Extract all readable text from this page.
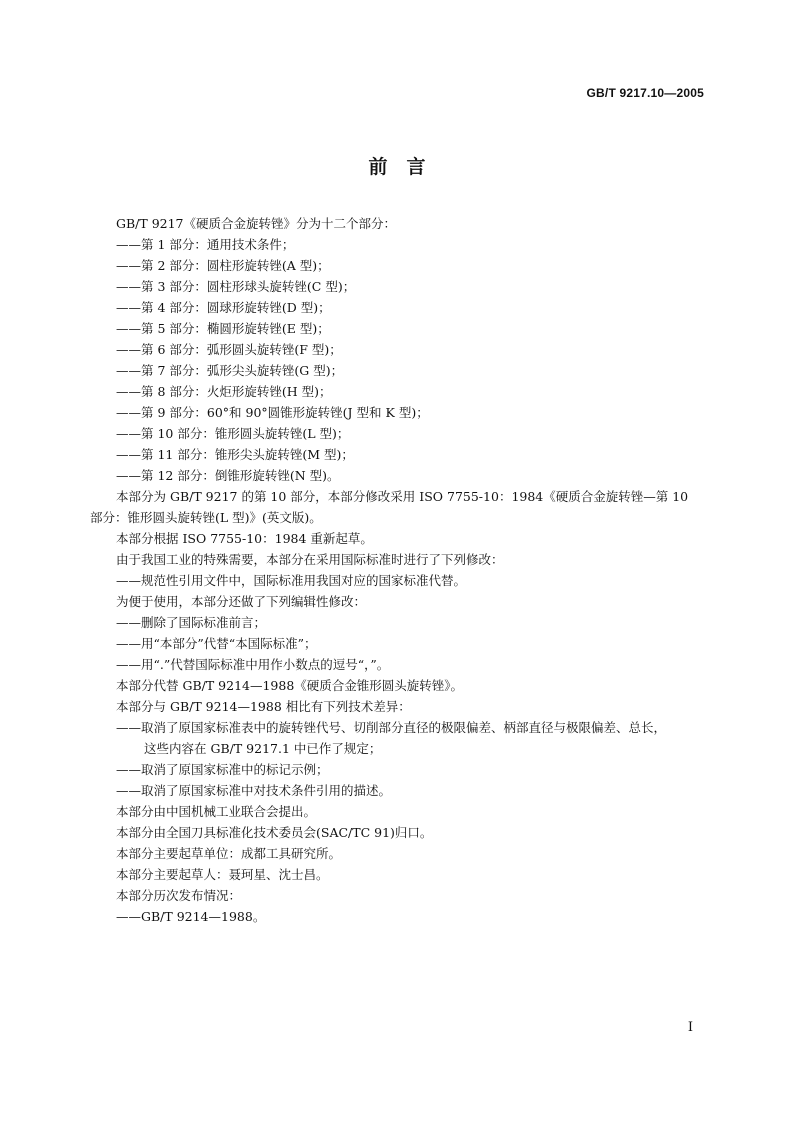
GB/T 9217.10—2005
前　言
GB/T 9217《硬质合金旋转锉》分为十二个部分：
——第 1 部分：通用技术条件；
——第 2 部分：圆柱形旋转锉(A 型)；
——第 3 部分：圆柱形球头旋转锉(C 型)；
——第 4 部分：圆球形旋转锉(D 型)；
——第 5 部分：椭圆形旋转锉(E 型)；
——第 6 部分：弧形圆头旋转锉(F 型)；
——第 7 部分：弧形尖头旋转锉(G 型)；
——第 8 部分：火炬形旋转锉(H 型)；
——第 9 部分：60°和 90°圆锥形旋转锉(J 型和 K 型)；
——第 10 部分：锥形圆头旋转锉(L 型)；
——第 11 部分：锥形尖头旋转锉(M 型)；
——第 12 部分：倒锥形旋转锉(N 型)。
本部分为 GB/T 9217 的第 10 部分，本部分修改采用 ISO 7755-10：1984《硬质合金旋转锉—第 10
部分：锥形圆头旋转锉(L 型)》(英文版)。
本部分根据 ISO 7755-10：1984 重新起草。
由于我国工业的特殊需要，本部分在采用国际标准时进行了下列修改：
——规范性引用文件中，国际标准用我国对应的国家标准代替。
为便于使用，本部分还做了下列编辑性修改：
——删除了国际标准前言；
——用“本部分”代替“本国际标准”；
——用“.”代替国际标准中用作小数点的逗号“，”。
本部分代替 GB/T 9214—1988《硬质合金锥形圆头旋转锉》。
本部分与 GB/T 9214—1988 相比有下列技术差异：
——取消了原国家标准表中的旋转锉代号、切削部分直径的极限偏差、柄部直径与极限偏差、总长，
这些内容在 GB/T 9217.1 中已作了规定；
——取消了原国家标准中的标记示例；
——取消了原国家标准中对技术条件引用的描述。
本部分由中国机械工业联合会提出。
本部分由全国刀具标准化技术委员会(SAC/TC 91)归口。
本部分主要起草单位：成都工具研究所。
本部分主要起草人：聂珂星、沈士昌。
本部分历次发布情况：
——GB/T 9214—1988。
I
